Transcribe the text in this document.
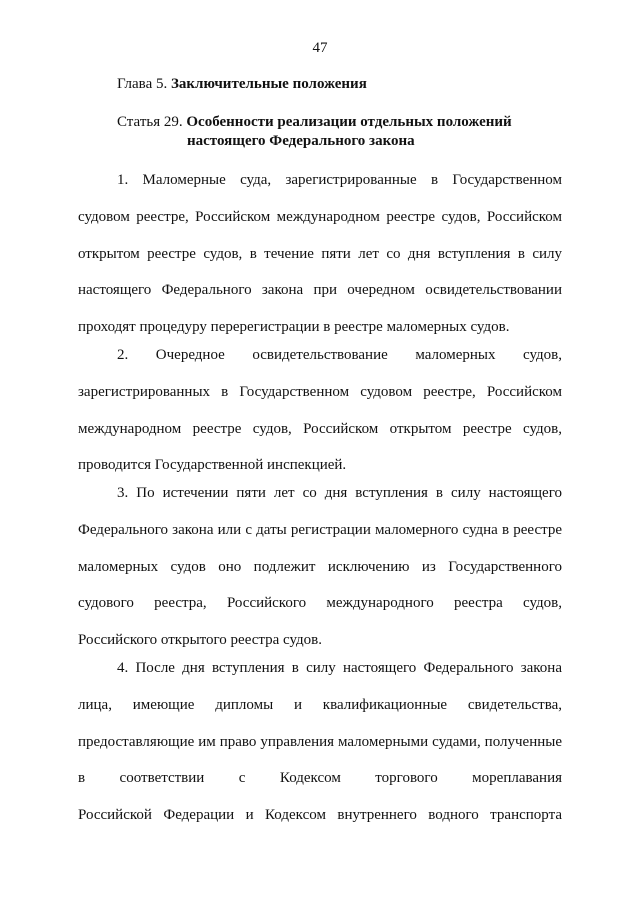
47
Глава 5. Заключительные положения
Статья 29. Особенности реализации отдельных положений
настоящего Федерального закона
1. Маломерные суда, зарегистрированные в Государственном
судовом реестре, Российском международном реестре судов, Российском
открытом реестре судов, в течение пяти лет со дня вступления в силу
настоящего Федерального закона при очередном освидетельствовании
проходят процедуру перерегистрации в реестре маломерных судов.
2. Очередное освидетельствование маломерных судов,
зарегистрированных в Государственном судовом реестре, Российском
международном реестре судов, Российском открытом реестре судов,
проводится Государственной инспекцией.
3. По истечении пяти лет со дня вступления в силу настоящего
Федерального закона или с даты регистрации маломерного судна в реестре
маломерных судов оно подлежит исключению из Государственного
судового реестра, Российского международного реестра судов,
Российского открытого реестра судов.
4. После дня вступления в силу настоящего Федерального закона
лица, имеющие дипломы и квалификационные свидетельства,
предоставляющие им право управления маломерными судами, полученные
в соответствии с Кодексом торгового мореплавания
Российской Федерации и Кодексом внутреннего водного транспорта
